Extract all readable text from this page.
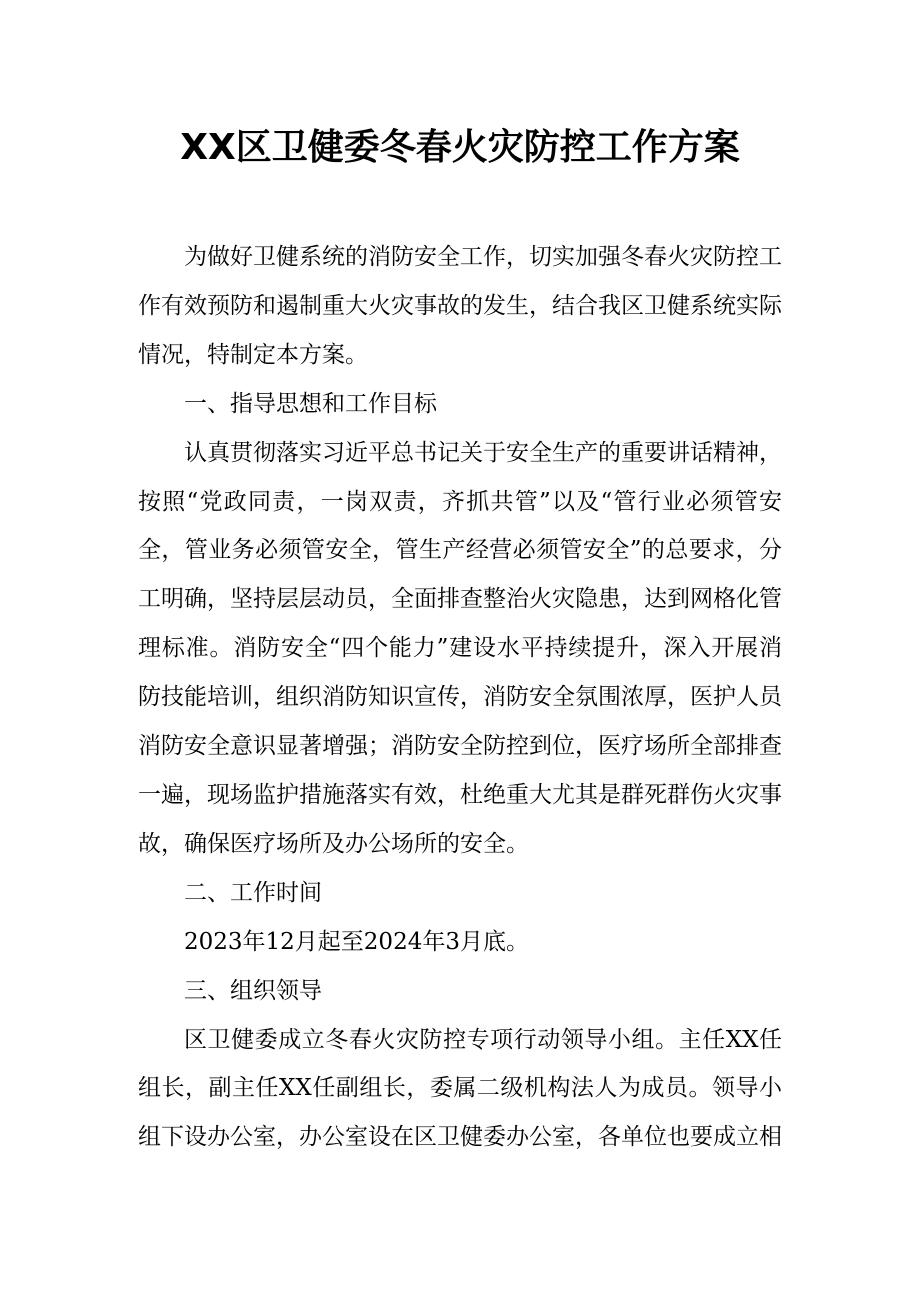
XX区卫健委冬春火灾防控工作方案

为做好卫健系统的消防安全工作，切实加强冬春火灾防控工作有效预防和遏制重大火灾事故的发生，结合我区卫健系统实际情况，特制定本方案。

一、指导思想和工作目标

认真贯彻落实习近平总书记关于安全生产的重要讲话精神，按照“党政同责，一岗双责，齐抓共管”以及“管行业必须管安全，管业务必须管安全，管生产经营必须管安全”的总要求，分工明确，坚持层层动员，全面排查整治火灾隐患，达到网格化管理标准。消防安全“四个能力”建设水平持续提升，深入开展消防技能培训，组织消防知识宣传，消防安全氛围浓厚，医护人员消防安全意识显著增强；消防安全防控到位，医疗场所全部排查一遍，现场监护措施落实有效，杜绝重大尤其是群死群伤火灾事故，确保医疗场所及办公场所的安全。

二、工作时间

2023年12月起至2024年3月底。

三、组织领导

区卫健委成立冬春火灾防控专项行动领导小组。主任XX任组长，副主任XX任副组长，委属二级机构法人为成员。领导小组下设办公室，办公室设在区卫健委办公室，各单位也要成立相
